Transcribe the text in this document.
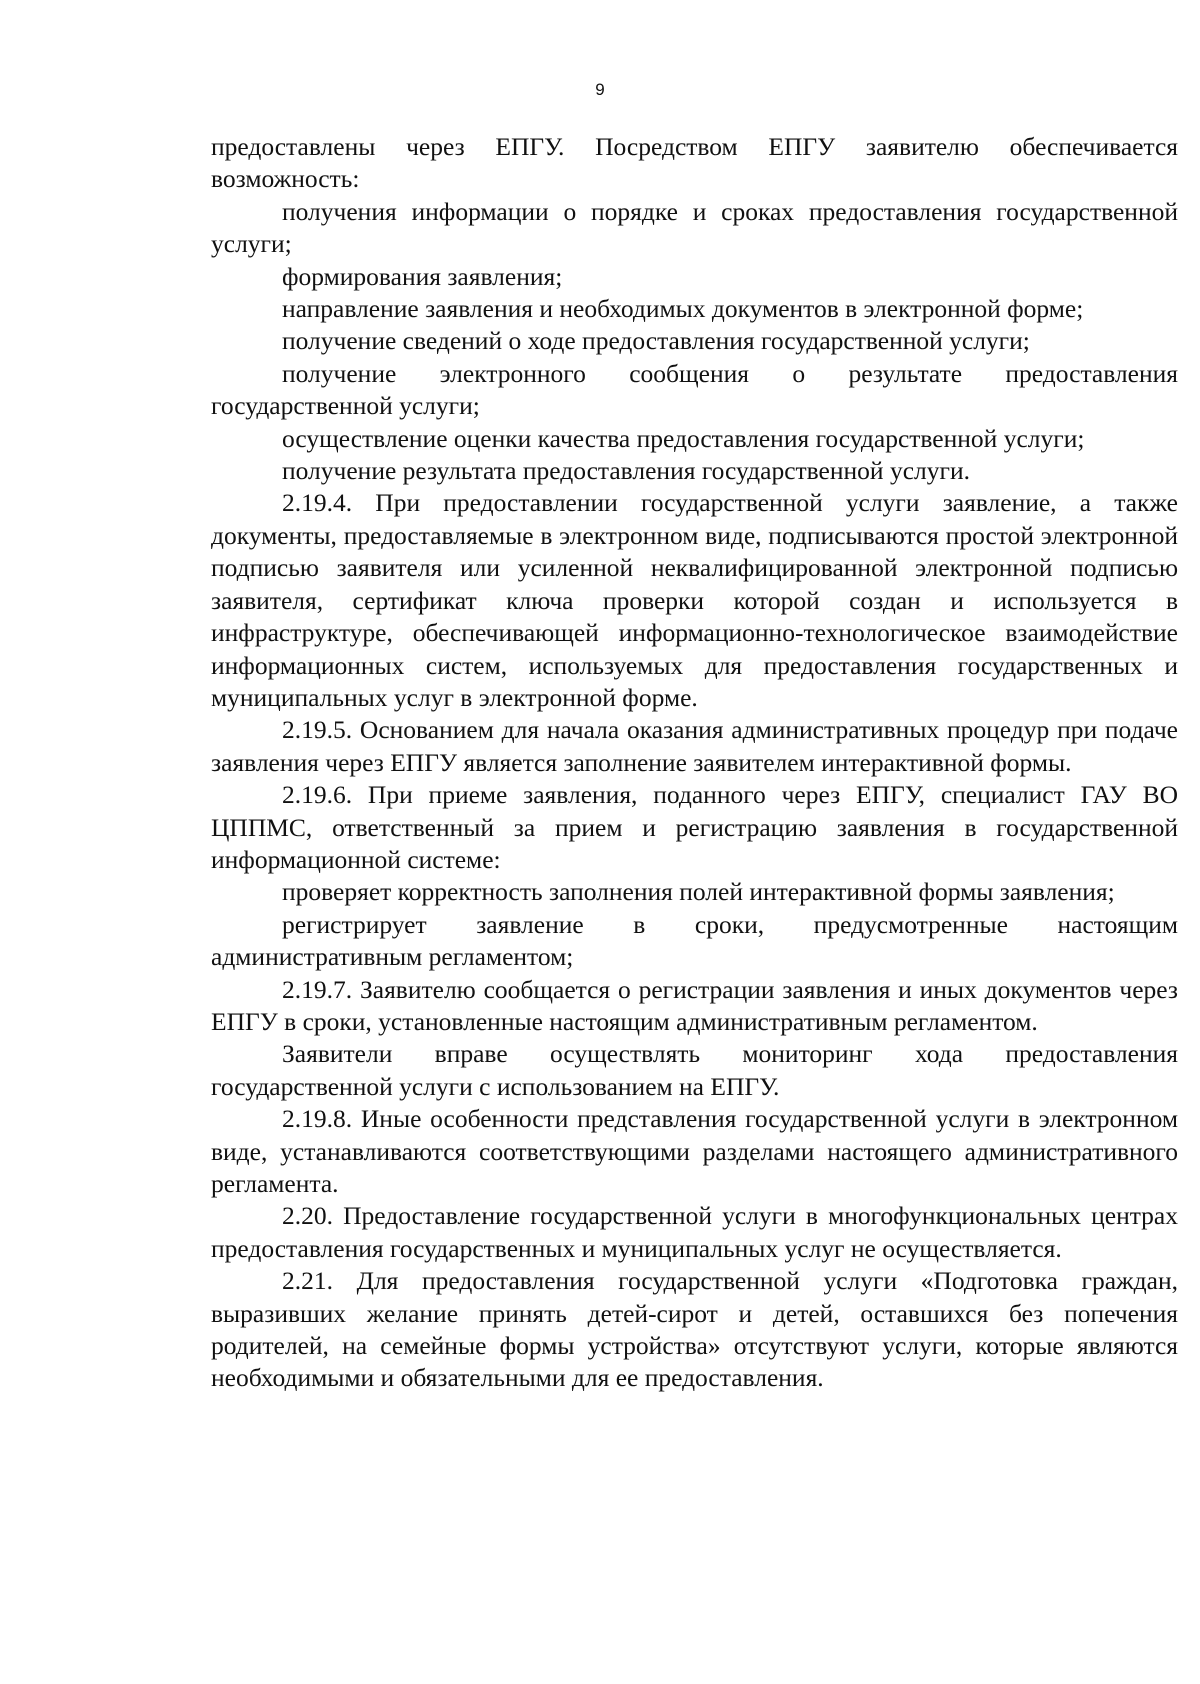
9

предоставлены через ЕПГУ. Посредством ЕПГУ заявителю обеспечивается возможность:

получения информации о порядке и сроках предоставления государственной услуги;

формирования заявления;

направление заявления и необходимых документов в электронной форме;

получение сведений о ходе предоставления государственной услуги;

получение электронного сообщения о результате предоставления государственной услуги;

осуществление оценки качества предоставления государственной услуги;

получение результата предоставления государственной услуги.

2.19.4. При предоставлении государственной услуги заявление, а также документы, предоставляемые в электронном виде, подписываются простой электронной подписью заявителя или усиленной неквалифицированной электронной подписью заявителя, сертификат ключа проверки которой создан и используется в инфраструктуре, обеспечивающей информационно-технологическое взаимодействие информационных систем, используемых для предоставления государственных и муниципальных услуг в электронной форме.

2.19.5. Основанием для начала оказания административных процедур при подаче заявления через ЕПГУ является заполнение заявителем интерактивной формы.

2.19.6. При приеме заявления, поданного через ЕПГУ, специалист ГАУ ВО ЦППМС, ответственный за прием и регистрацию заявления в государственной информационной системе:

проверяет корректность заполнения полей интерактивной формы заявления;

регистрирует заявление в сроки, предусмотренные настоящим административным регламентом;

2.19.7. Заявителю сообщается о регистрации заявления и иных документов через ЕПГУ в сроки, установленные настоящим административным регламентом.

Заявители вправе осуществлять мониторинг хода предоставления государственной услуги с использованием на ЕПГУ.

2.19.8. Иные особенности представления государственной услуги в электронном виде, устанавливаются соответствующими разделами настоящего административного регламента.

2.20. Предоставление государственной услуги в многофункциональных центрах предоставления государственных и муниципальных услуг не осуществляется.

2.21. Для предоставления государственной услуги «Подготовка граждан, выразивших желание принять детей-сирот и детей, оставшихся без попечения родителей, на семейные формы устройства» отсутствуют услуги, которые являются необходимыми и обязательными для ее предоставления.
